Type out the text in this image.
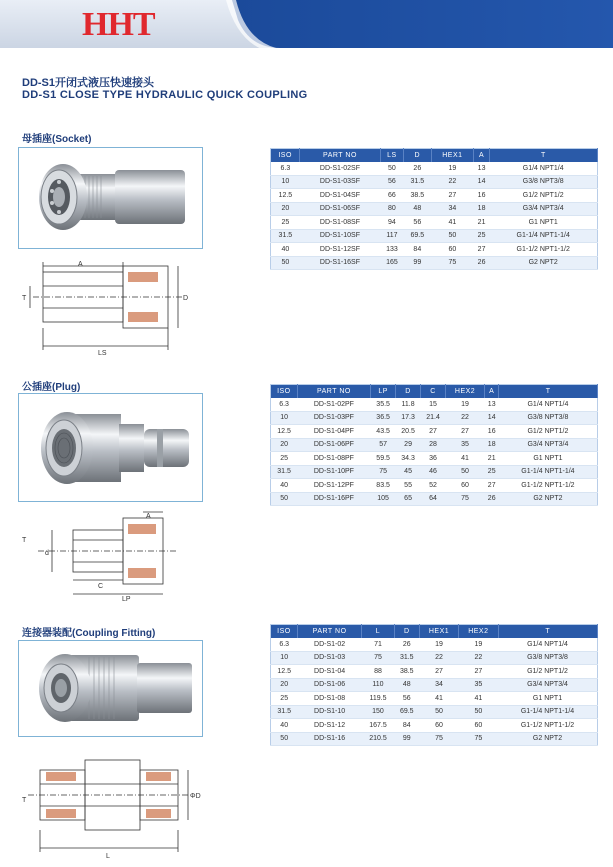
HHT
DD-S1开闭式液压快速接头
DD-S1 CLOSE TYPE HYDRAULIC QUICK COUPLING
母插座(Socket)
A
T	D
LS
ISO	PART NO	LS	D	HEX1	A	T
6.3	DD-S1-02SF	50	26	19	13	G1/4 NPT1/4
10	DD-S1-03SF	56	31.5	22	14	G3/8 NPT3/8
12.5	DD-S1-04SF	66	38.5	27	16	G1/2 NPT1/2
20	DD-S1-06SF	80	48	34	18	G3/4 NPT3/4
25	DD-S1-08SF	94	56	41	21	G1 NPT1
31.5	DD-S1-10SF	117	69.5	50	25	G1-1/4 NPT1-1/4
40	DD-S1-12SF	133	84	60	27	G1-1/2 NPT1-1/2
50	DD-S1-16SF	165	99	75	26	G2 NPT2
公插座(Plug)
A
T
d
C
LP
ISO	PART NO	LP	D	C	HEX2	A	T
6.3	DD-S1-02PF	35.5	11.8	15	19	13	G1/4 NPT1/4
10	DD-S1-03PF	36.5	17.3	21.4	22	14	G3/8 NPT3/8
12.5	DD-S1-04PF	43.5	20.5	27	27	16	G1/2 NPT1/2
20	DD-S1-06PF	57	29	28	35	18	G3/4 NPT3/4
25	DD-S1-08PF	59.5	34.3	36	41	21	G1 NPT1
31.5	DD-S1-10PF	75	45	46	50	25	G1-1/4 NPT1-1/4
40	DD-S1-12PF	83.5	55	52	60	27	G1-1/2 NPT1-1/2
50	DD-S1-16PF	105	65	64	75	26	G2 NPT2
连接器装配(Coupling Fitting)
T
L
ΦD
ISO	PART NO	L	D	HEX1	HEX2	T
6.3	DD-S1-02	71	26	19	19	G1/4 NPT1/4
10	DD-S1-03	75	31.5	22	22	G3/8 NPT3/8
12.5	DD-S1-04	88	38.5	27	27	G1/2 NPT1/2
20	DD-S1-06	110	48	34	35	G3/4 NPT3/4
25	DD-S1-08	119.5	56	41	41	G1 NPT1
31.5	DD-S1-10	150	69.5	50	50	G1-1/4 NPT1-1/4
40	DD-S1-12	167.5	84	60	60	G1-1/2 NPT1-1/2
50	DD-S1-16	210.5	99	75	75	G2 NPT2
